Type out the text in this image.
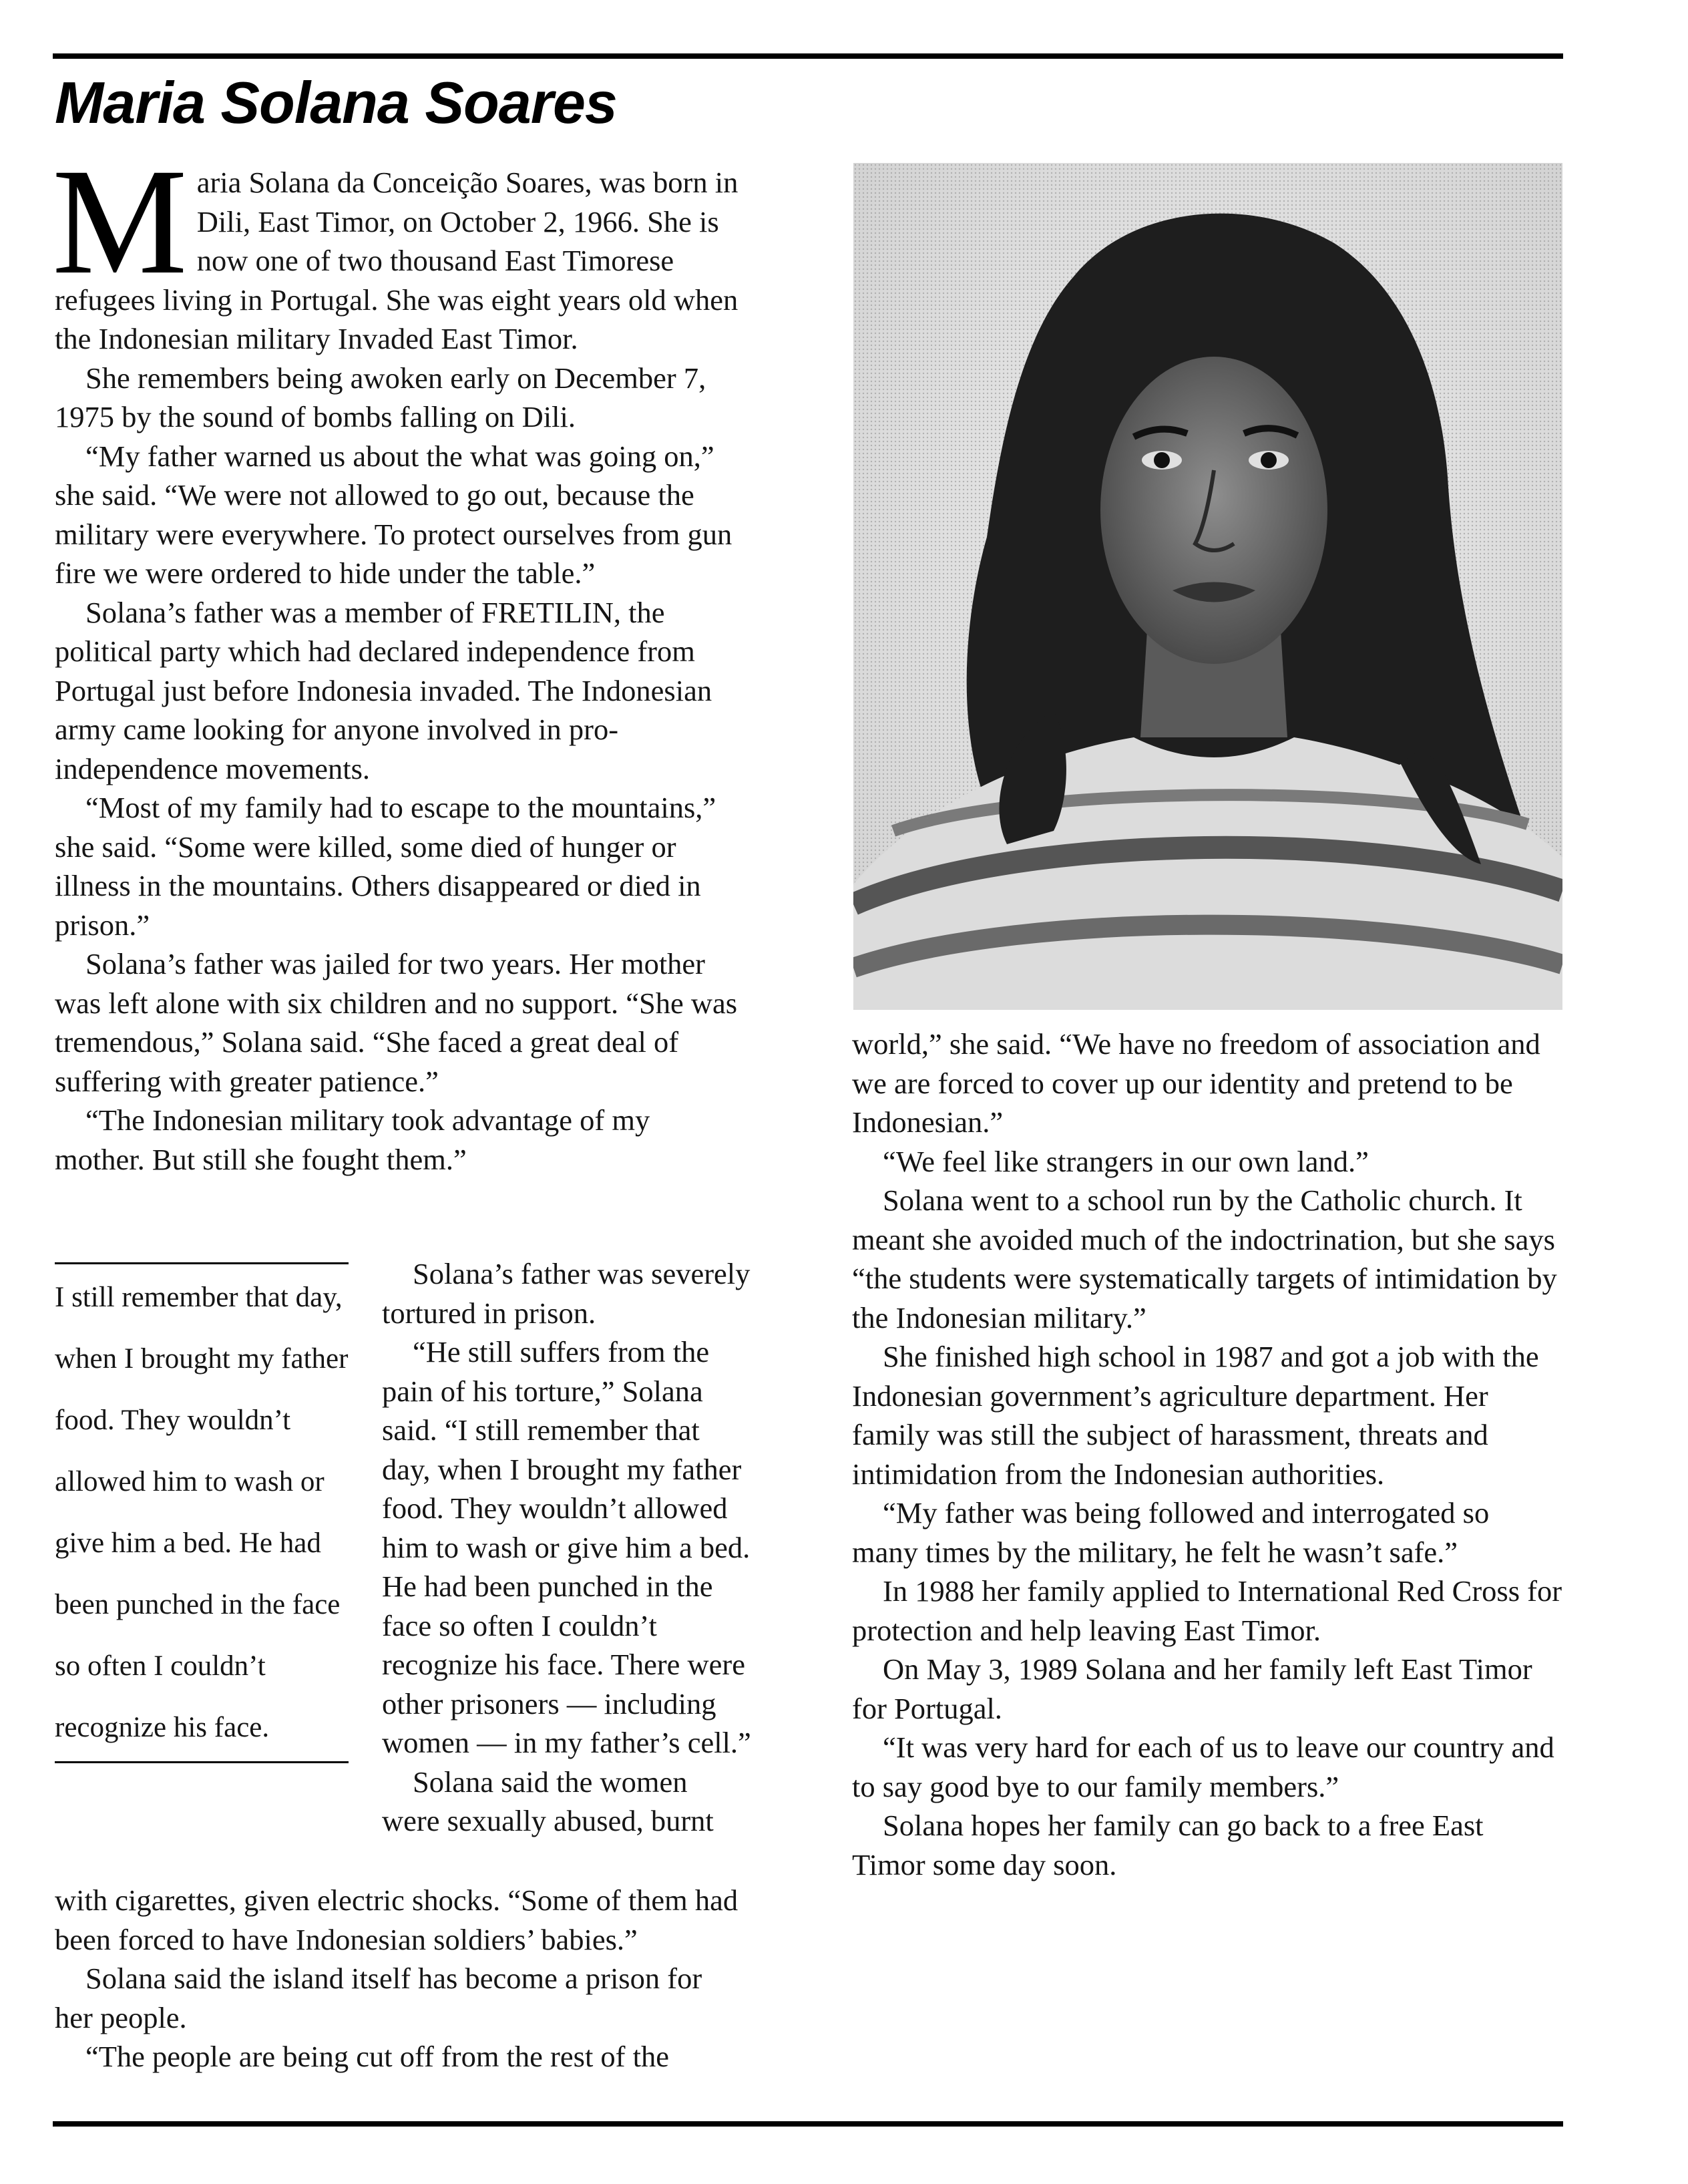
Maria Solana Soares

Maria Solana da Conceição Soares, was born in Dili, East Timor, on October 2, 1966. She is now one of two thousand East Timorese refugees living in Portugal. She was eight years old when the Indonesian military Invaded East Timor.

She remembers being awoken early on December 7, 1975 by the sound of bombs falling on Dili.

“My father warned us about the what was going on,” she said. “We were not allowed to go out, because the military were everywhere. To protect ourselves from gun fire we were ordered to hide under the table.”

Solana’s father was a member of FRETILIN, the political party which had declared independence from Portugal just before Indonesia invaded. The Indonesian army came looking for anyone involved in pro-independence movements.

“Most of my family had to escape to the mountains,” she said. “Some were killed, some died of hunger or illness in the mountains. Others disappeared or died in prison.”

Solana’s father was jailed for two years. Her mother was left alone with six children and no support. “She was tremendous,” Solana said. “She faced a great deal of suffering with greater patience.”

“The Indonesian military took advantage of my mother. But still she fought them.”

I still remember that day, when I brought my father food. They wouldn’t allowed him to wash or give him a bed. He had been punched in the face so often I couldn’t recognize his face.

Solana’s father was severely tortured in prison.

“He still suffers from the pain of his torture,” Solana said. “I still remember that day, when I brought my father food. They wouldn’t allowed him to wash or give him a bed. He had been punched in the face so often I couldn’t recognize his face. There were other prisoners — including women — in my father’s cell.”

Solana said the women were sexually abused, burnt

with cigarettes, given electric shocks. “Some of them had been forced to have Indonesian soldiers’ babies.”

Solana said the island itself has become a prison for her people.

“The people are being cut off from the rest of the

world,” she said. “We have no freedom of association and we are forced to cover up our identity and pretend to be Indonesian.”

“We feel like strangers in our own land.”

Solana went to a school run by the Catholic church. It meant she avoided much of the indoctrination, but she says “the students were systematically targets of intimidation by the Indonesian military.”

She finished high school in 1987 and got a job with the Indonesian government’s agriculture department. Her family was still the subject of harassment, threats and intimidation from the Indonesian authorities.

“My father was being followed and interrogated so many times by the military, he felt he wasn’t safe.”

In 1988 her family applied to International Red Cross for protection and help leaving East Timor.

On May 3, 1989 Solana and her family left East Timor for Portugal.

“It was very hard for each of us to leave our country and to say good bye to our family members.”

Solana hopes her family can go back to a free East Timor some day soon.
